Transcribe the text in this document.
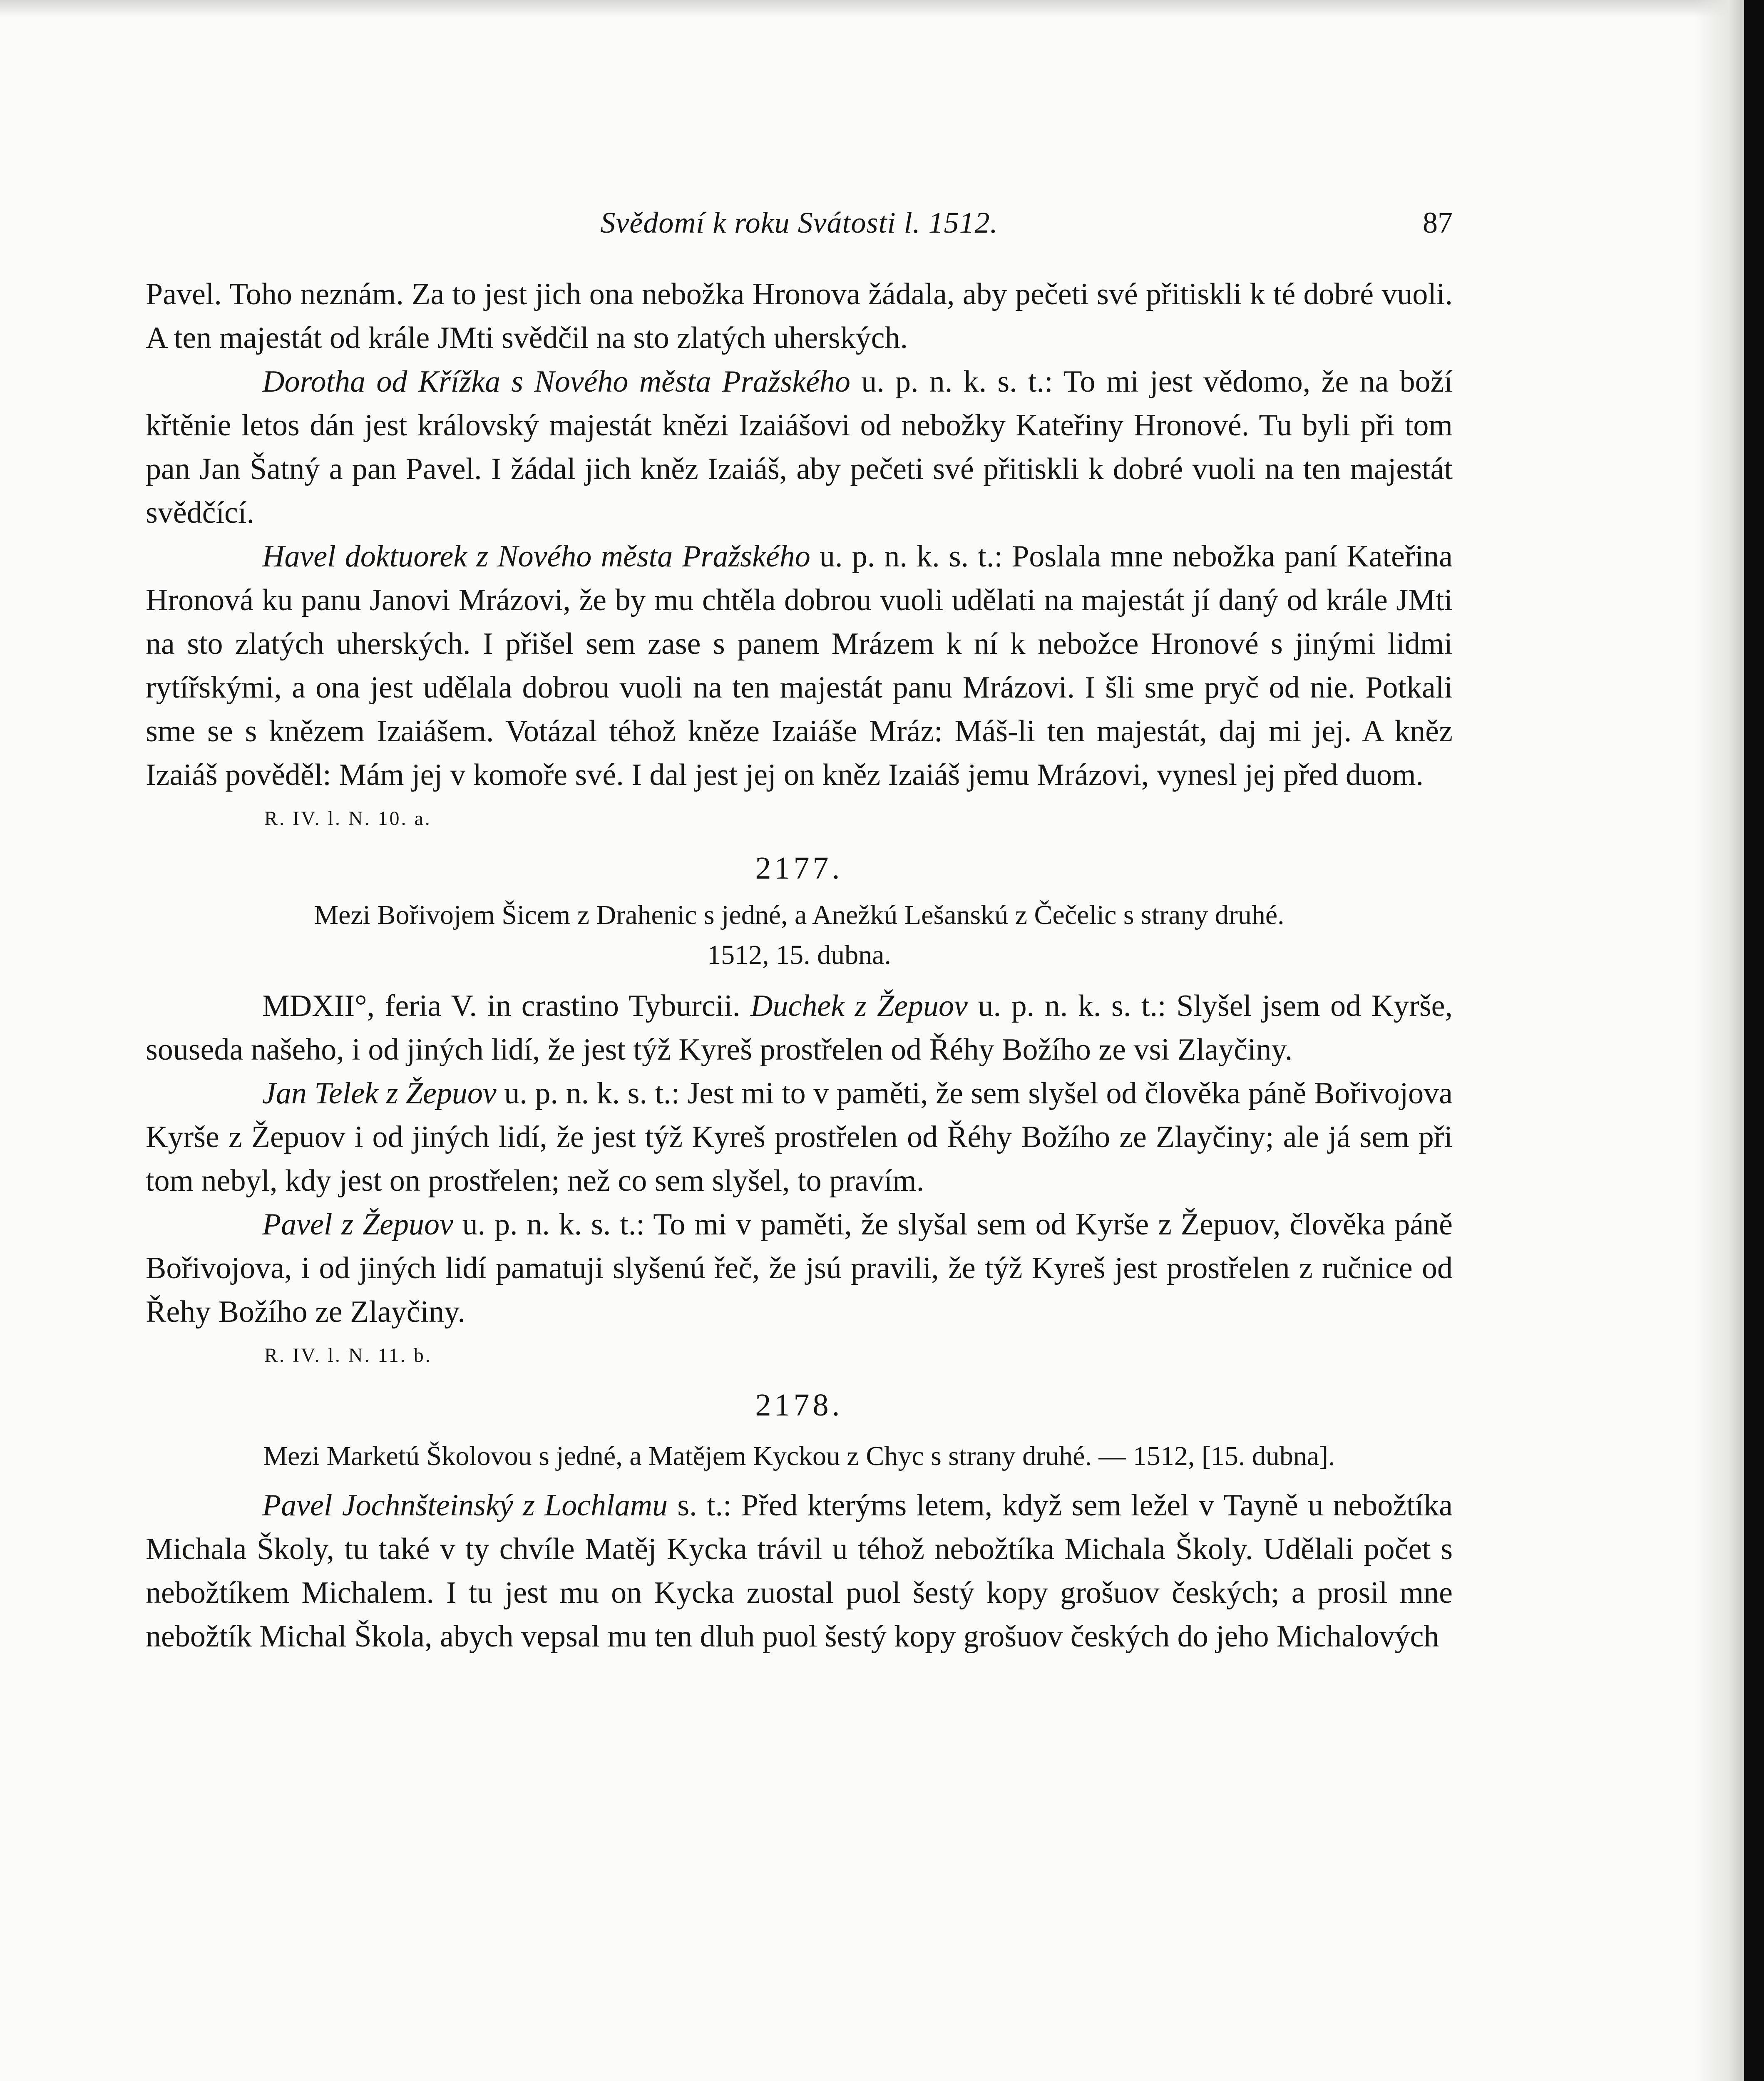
Svědomí k roku Svátosti l. 1512.	87

Pavel. Toho neznám. Za to jest jich ona nebožka Hronova žádala, aby pečeti své přitiskli k té dobré vuoli. A ten majestát od krále JMti svědčil na sto zlatých uherských.

Dorotha od Křížka s Nového města Pražského u. p. n. k. s. t.: To mi jest vědomo, že na boží křtěnie letos dán jest královský majestát knězi Izaiášovi od nebožky Kateřiny Hronové. Tu byli při tom pan Jan Šatný a pan Pavel. I žádal jich kněz Izaiáš, aby pečeti své přitiskli k dobré vuoli na ten majestát svědčící.

Havel doktuorek z Nového města Pražského u. p. n. k. s. t.: Poslala mne nebožka paní Kateřina Hronová ku panu Janovi Mrázovi, že by mu chtěla dobrou vuoli udělati na majestát jí daný od krále JMti na sto zlatých uherských. I přišel sem zase s panem Mrázem k ní k nebožce Hronové s jinými lidmi rytířskými, a ona jest udělala dobrou vuoli na ten majestát panu Mrázovi. I šli sme pryč od nie. Potkali sme se s knězem Izaiášem. Votázal téhož kněze Izaiáše Mráz: Máš-li ten majestát, daj mi jej. A kněz Izaiáš pověděl: Mám jej v komoře své. I dal jest jej on kněz Izaiáš jemu Mrázovi, vynesl jej před duom.

R. IV. l. N. 10. a.
2177.
Mezi Bořivojem Šicem z Drahenic s jedné, a Anežkú Lešanskú z Čečelic s strany druhé.
1512, 15. dubna.

MDXII°, feria V. in crastino Tyburcii. Duchek z Žepuov u. p. n. k. s. t.: Slyšel jsem od Kyrše, souseda našeho, i od jiných lidí, že jest týž Kyreš prostřelen od Řéhy Božího ze vsi Zlayčiny.

Jan Telek z Žepuov u. p. n. k. s. t.: Jest mi to v paměti, že sem slyšel od člověka páně Bořivojova Kyrše z Žepuov i od jiných lidí, že jest týž Kyreš prostřelen od Řéhy Božího ze Zlayčiny; ale já sem při tom nebyl, kdy jest on prostřelen; než co sem slyšel, to pravím.

Pavel z Žepuov u. p. n. k. s. t.: To mi v paměti, že slyšal sem od Kyrše z Žepuov, člověka páně Bořivojova, i od jiných lidí pamatuji slyšenú řeč, že jsú pravili, že týž Kyreš jest prostřelen z ručnice od Řehy Božího ze Zlayčiny.

R. IV. l. N. 11. b.
2178.
Mezi Marketú Školovou s jedné, a Matějem Kyckou z Chyc s strany druhé. — 1512, [15. dubna].

Pavel Jochnšteinský z Lochlamu s. t.: Před kterýms letem, když sem ležel v Tayně u nebožtíka Michala Školy, tu také v ty chvíle Matěj Kycka trávil u téhož nebožtíka Michala Školy. Udělali počet s nebožtíkem Michalem. I tu jest mu on Kycka zuostal puol šestý kopy grošuov českých; a prosil mne nebožtík Michal Škola, abych vepsal mu ten dluh puol šestý kopy grošuov českých do jeho Michalových
